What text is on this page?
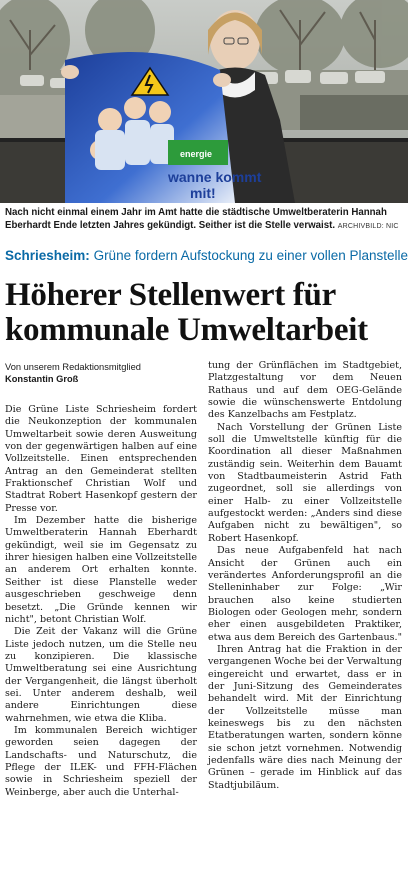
energie
wanne kommt
mit!
Nach nicht einmal einem Jahr im Amt hatte die städtische Umweltberaterin Hannah Eberhardt Ende letzten Jahres gekündigt. Seither ist die Stelle verwaist. ARCHIVBILD: NIC
Schriesheim: Grüne fordern Aufstockung zu einer vollen Planstelle
Höherer Stellenwert für
kommunale Umweltarbeit
Von unserem Redaktionsmitglied
Konstantin Groß

Die Grüne Liste Schriesheim fordert die Neukonzeption der kommunalen Umweltarbeit sowie deren Ausweitung von der gegenwärtigen halben auf eine Vollzeitstelle. Einen entsprechenden Antrag an den Gemeinderat stellten Fraktionschef Christian Wolf und Stadtrat Robert Hasenkopf gestern der Presse vor.

Im Dezember hatte die bisherige Umweltberaterin Hannah Eberhardt gekündigt, weil sie im Gegensatz zu ihrer hiesigen halben eine Vollzeitstelle an anderem Ort erhalten konnte. Seither ist diese Planstelle weder ausgeschrieben geschweige denn besetzt. „Die Gründe kennen wir nicht", betont Christian Wolf.

Die Zeit der Vakanz will die Grüne Liste jedoch nutzen, um die Stelle neu zu konzipieren. Die klassische Umweltberatung sei eine Ausrichtung der Vergangenheit, die längst überholt sei. Unter anderem deshalb, weil andere Einrichtungen diese wahrnehmen, wie etwa die Kliba.

Im kommunalen Bereich wichtiger geworden seien dagegen der Landschafts- und Naturschutz, die Pflege der ILEK- und FFH-Flächen sowie in Schriesheim speziell der Weinberge, aber auch die Unterhal-

tung der Grünflächen im Stadtgebiet, Platzgestaltung vor dem Neuen Rathaus und auf dem OEG-Gelände sowie die wünschenswerte Entdolung des Kanzelbachs am Festplatz.

Nach Vorstellung der Grünen Liste soll die Umweltstelle künftig für die Koordination all dieser Maßnahmen zuständig sein. Weiterhin dem Bauamt von Stadtbaumeisterin Astrid Fath zugeordnet, soll sie allerdings von einer Halb- zu einer Vollzeitstelle aufgestockt werden: „Anders sind diese Aufgaben nicht zu bewältigen", so Robert Hasenkopf.

Das neue Aufgabenfeld hat nach Ansicht der Grünen auch ein verändertes Anforderungsprofil an die Stelleninhaber zur Folge: „Wir brauchen also keine studierten Biologen oder Geologen mehr, sondern eher einen ausgebildeten Praktiker, etwa aus dem Bereich des Gartenbaus."

Ihren Antrag hat die Fraktion in der vergangenen Woche bei der Verwaltung eingereicht und erwartet, dass er in der Juni-Sitzung des Gemeinderates behandelt wird. Mit der Einrichtung der Vollzeitstelle müsse man keineswegs bis zu den nächsten Etatberatungen warten, sondern könne sie schon jetzt vornehmen. Notwendig jedenfalls wäre dies nach Meinung der Grünen – gerade im Hinblick auf das Stadtjubiläum.
